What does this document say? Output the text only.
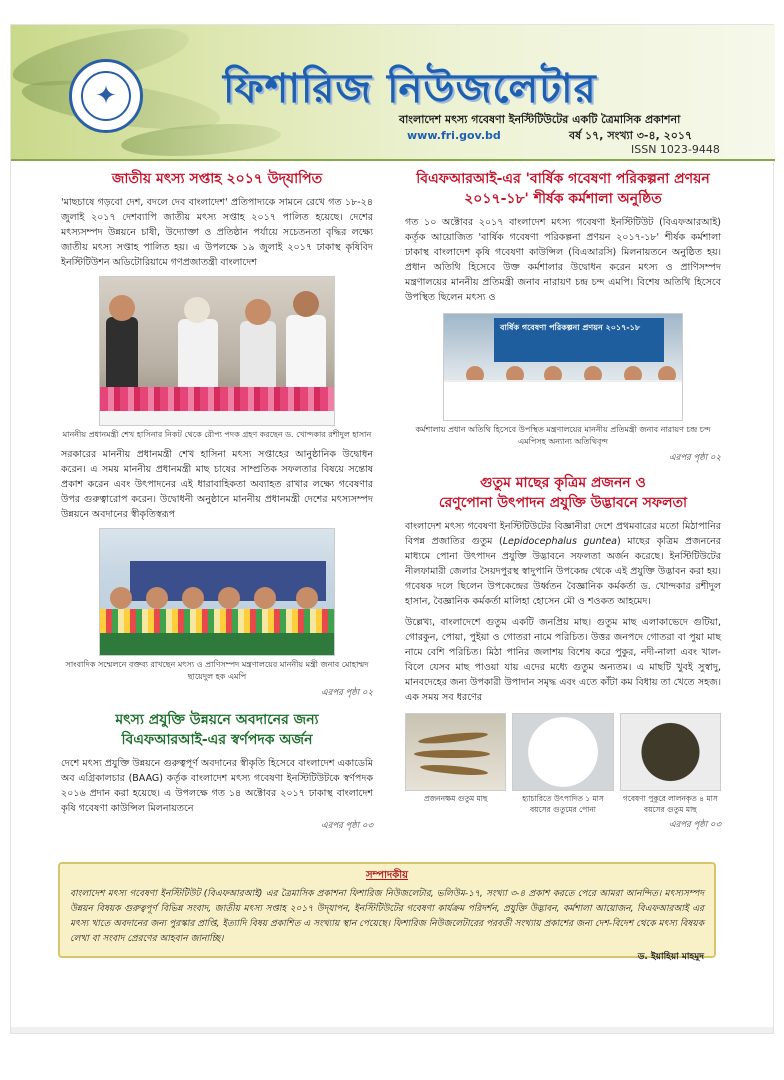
✦	ফিশারিজ নিউজলেটার
বাংলাদেশ মৎস্য গবেষণা ইনস্টিটিউটের একটি ত্রৈমাসিক প্রকাশনা
www.fri.gov.bd	বর্ষ ১৭, সংখ্যা ৩-৪, ২০১৭
ISSN 1023-9448
জাতীয় মৎস্য সপ্তাহ ২০১৭ উদ্‌যাপিত
'মাছচাষে গড়বো দেশ, বদলে দেব বাংলাদেশ' প্রতিপাদ্যকে সামনে রেখে গত ১৮-২৪ জুলাই ২০১৭ দেশব্যাপি জাতীয় মৎস্য সপ্তাহ ২০১৭ পালিত হয়েছে। দেশের মৎস্যসম্পদ উন্নয়নে চাষী, উদ্যোক্তা ও প্রতিষ্ঠান পর্যায়ে সচেতনতা বৃদ্ধির লক্ষ্যে জাতীয় মৎস্য সপ্তাহ পালিত হয়। এ উপলক্ষে ১৯ জুলাই ২০১৭ ঢাকাস্থ কৃষিবিদ ইনস্টিটিউশন অডিটোরিয়ামে গণপ্রজাতন্ত্রী বাংলাদেশ
মাননীয় প্রধানমন্ত্রী শেখ হাসিনার নিকট থেকে রৌপ্য পদক গ্রহণ করছেন ড. খোন্দকার রশীদুল হাসান
সরকারের মাননীয় প্রধানমন্ত্রী শেখ হাসিনা মৎস্য সপ্তাহের আনুষ্ঠানিক উদ্বোধন করেন। এ সময় মাননীয় প্রধানমন্ত্রী মাছ চাষের সাম্প্রতিক সফলতার বিষয়ে সন্তোষ প্রকাশ করেন এবং উৎপাদনের এই ধারাবাহিকতা অব্যাহত রাখার লক্ষ্যে গবেষণার উপর গুরুত্বারোপ করেন। উদ্বোধনী অনুষ্ঠানে মাননীয় প্রধানমন্ত্রী দেশের মৎস্যসম্পদ উন্নয়নে অবদানের স্বীকৃতিস্বরূপ
সাংবাদিক সম্মেলনে বক্তব্য রাখছেন মৎস্য ও প্রাণিসম্পদ মন্ত্রণালয়ের মাননীয় মন্ত্রী জনাব মোহাম্মদ ছায়েদুল হক এমপি
এরপর পৃষ্ঠা ০২
মৎস্য প্রযুক্তি উন্নয়নে অবদানের জন্য
বিএফআরআই-এর স্বর্ণপদক অর্জন
দেশে মৎস্য প্রযুক্তি উন্নয়নে গুরুত্বপূর্ণ অবদানের স্বীকৃতি হিসেবে বাংলাদেশ একাডেমি অব এগ্রিকালচার (BAAG) কর্তৃক বাংলাদেশ মৎস্য গবেষণা ইনস্টিটিউটকে স্বর্ণপদক ২০১৬ প্রদান করা হয়েছে। এ উপলক্ষে গত ১৪ অক্টোবর ২০১৭ ঢাকাস্থ বাংলাদেশ কৃষি গবেষণা কাউন্সিল মিলনায়তনে
এরপর পৃষ্ঠা ০৩
বিএফআরআই-এর 'বার্ষিক গবেষণা পরিকল্পনা প্রণয়ন ২০১৭-১৮' শীর্ষক কর্মশালা অনুষ্ঠিত
গত ১০ অক্টোবর ২০১৭ বাংলাদেশ মৎস্য গবেষণা ইনস্টিটিউট (বিএফআরআই) কর্তৃক আয়োজিত 'বার্ষিক গবেষণা পরিকল্পনা প্রণয়ন ২০১৭-১৮' শীর্ষক কর্মশালা ঢাকাস্থ বাংলাদেশ কৃষি গবেষণা কাউন্সিল (বিএআরসি) মিলনায়তনে অনুষ্ঠিত হয়। প্রধান অতিথি হিসেবে উক্ত কর্মশালার উদ্বোধন করেন মৎস্য ও প্রাণিসম্পদ মন্ত্রণালয়ের মাননীয় প্রতিমন্ত্রী জনাব নারায়ণ চন্দ্র চন্দ এমপি। বিশেষ অতিথি হিসেবে উপস্থিত ছিলেন মৎস্য ও
বার্ষিক গবেষণা পরিকল্পনা প্রণয়ন ২০১৭-১৮
কর্মশালায় প্রধান অতিথি হিসেবে উপস্থিত মন্ত্রণালয়ের মাননীয় প্রতিমন্ত্রী জনাব নারায়ণ চন্দ্র চন্দ এমপিসহ অন্যান্য অতিথিবৃন্দ
এরপর পৃষ্ঠা ০২
গুতুম মাছের কৃত্রিম প্রজনন ও
রেণুপোনা উৎপাদন প্রযুক্তি উদ্ভাবনে সফলতা
বাংলাদেশ মৎস্য গবেষণা ইনস্টিটিউটের বিজ্ঞানীরা দেশে প্রথমবারের মতো মিঠাপানির বিপন্ন প্রজাতির গুতুম (Lepidocephalus guntea) মাছের কৃত্রিম প্রজননের মাধ্যমে পোনা উৎপাদন প্রযুক্তি উদ্ভাবনে সফলতা অর্জন করেছে। ইনস্টিটিউটের নীলফামারী জেলার সৈয়দপুরস্থ স্বাদুপানি উপকেন্দ্র থেকে এই প্রযুক্তি উদ্ভাবন করা হয়। গবেষক দলে ছিলেন উপকেন্দ্রের উর্ধ্বতন বৈজ্ঞানিক কর্মকর্তা ড. খোন্দকার রশীদুল হাসান, বৈজ্ঞানিক কর্মকর্তা মালিহা হোসেন মৌ ও শওকত আহমেদ।
উল্লেখ্য, বাংলাদেশে গুতুম একটি জনপ্রিয় মাছ। গুতুম মাছ এলাকাভেদে গুটিয়া, গোরকুন, পোয়া, পুইয়া ও গোতরা নামে পরিচিত। উত্তর জনপদে গোতরা বা পুয়া মাছ নামে বেশি পরিচিত। মিঠা পানির জলাশয় বিশেষ করে পুকুর, নদী-নালা এবং খাল-বিলে যেসব মাছ পাওয়া যায় এদের মধ্যে গুতুম অন্যতম। এ মাছটি খুবই সুস্বাদু, মানবদেহের জন্য উপকারী উপাদান সমৃদ্ধ এবং এতে কাঁটা কম বিধায় তা খেতে সহজ। এক সময় সব ধরণের
প্রজননক্ষম গুতুম মাছ	হ্যাচারিতে উৎপাদিত ১ মাস বয়সের গুতুমের পোনা
গবেষণা পুকুরে লালনকৃত ৪ মাস বয়সের গুতুম মাছ
এরপর পৃষ্ঠা ০৩
সম্পাদকীয়
বাংলাদেশ মৎস্য গবেষণা ইনস্টিটিউট (বিএফআরআই) এর ত্রৈমাসিক প্রকাশনা ফিশারিজ নিউজলেটার, ভলিউম-১৭, সংখ্যা ৩-৪ প্রকাশ করতে পেরে আমরা আনন্দিত। মৎস্যসম্পদ উন্নয়ন বিষয়ক গুরুত্বপূর্ণ বিভিন্ন সংবাদ, জাতীয় মৎস্য সপ্তাহ ২০১৭ উদ্‌যাপন, ইনস্টিটিউটের গবেষণা কার্যক্রম পরিদর্শন, প্রযুক্তি উদ্ভাবন, কর্মশালা আয়োজন, বিএফআরআই এর মৎস্য খাতে অবদানের জন্য পুরস্কার প্রাপ্তি, ইত্যাদি বিষয় প্রকাশিত এ সংখ্যায় স্থান পেয়েছে। ফিশারিজ নিউজলেটারের পরবর্তী সংখ্যায় প্রকাশের জন্য দেশ-বিদেশ থেকে মৎস্য বিষয়ক লেখা বা সংবাদ প্রেরণের আহবান জানাচ্ছি।
ড. ইয়াহিয়া মাহমুদ
